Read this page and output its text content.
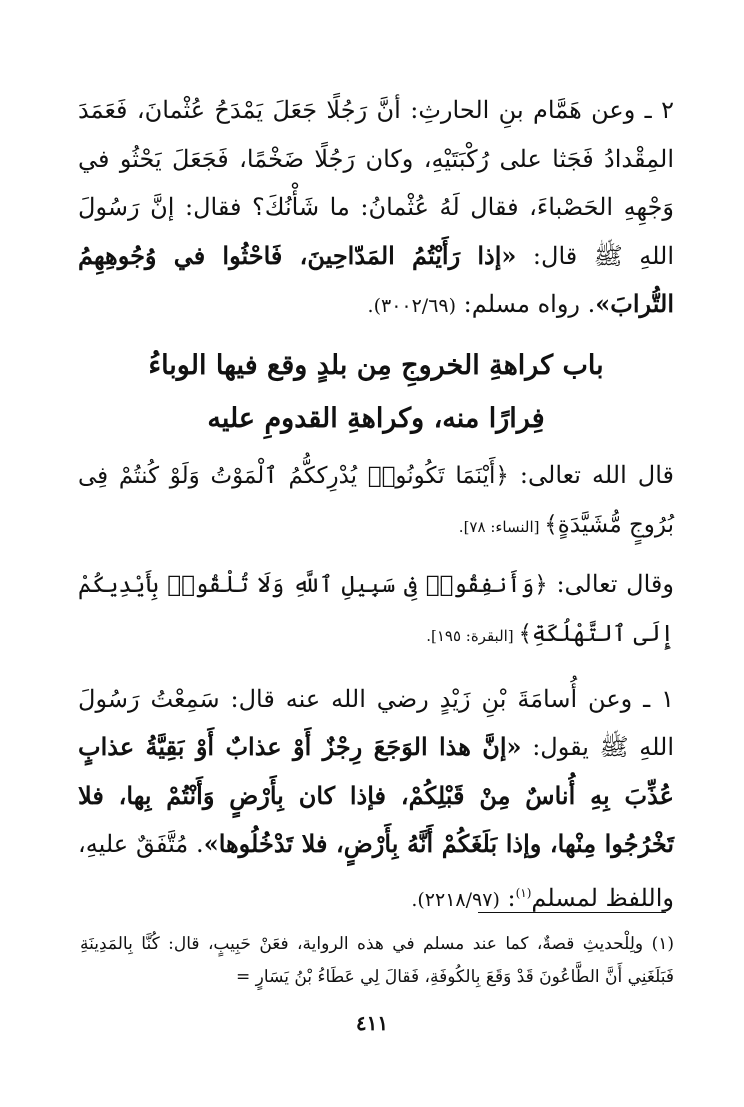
٢ ـ وعن هَمَّام بنِ الحارثِ: أنَّ رَجُلًا جَعَلَ يَمْدَحُ عُثْمانَ، فَعَمَدَ المِقْدادُ فَجَثا على رُكْبَتَيْهِ، وكان رَجُلًا ضَخْمًا، فَجَعَلَ يَحْثُو في وَجْهِهِ الحَصْباءَ، فقال لَهُ عُثْمانُ: ما شَأْنُكَ؟ فقال: إنَّ رَسُولَ اللهِ ﷺ قال: «إذا رَأَيْتُمُ المَدّاحِينَ، فَاحْثُوا في وُجُوهِهِمُ التُّرابَ». رواه مسلم: (٣٠٠٢/٦٩).

باب كراهةِ الخروجِ مِن بلدٍ وقع فيها الوباءُ
فِرارًا منه، وكراهةِ القدومِ عليه

قال الله تعالى: ﴿أَيْنَمَا تَكُونُوا۟ يُدْرِككُّمُ ٱلْمَوْتُ وَلَوْ كُنتُمْ فِى بُرُوجٍ مُّشَيَّدَةٍ﴾ [النساء: ٧٨].

وقال تعالى: ﴿وَأَنفِقُوا۟ فِى سَبِيلِ ٱللَّهِ وَلَا تُلْقُوا۟ بِأَيْدِيكُمْ إِلَى ٱلتَّهْلُكَةِ﴾ [البقرة: ١٩٥].

١ ـ وعن أُسامَةَ بْنِ زَيْدٍ رضي الله عنه قال: سَمِعْتُ رَسُولَ اللهِ ﷺ يقول: «إنَّ هذا الوَجَعَ رِجْزٌ أَوْ عذابٌ أَوْ بَقِيَّةُ عذابٍ عُذِّبَ بِهِ أُناسٌ مِنْ قَبْلِكُمْ، فإذا كان بِأَرْضٍ وَأَنْتُمْ بِها، فلا تَخْرُجُوا مِنْها، وإذا بَلَغَكُمْ أَنَّهُ بِأَرْضٍ، فلا تَدْخُلُوها». مُتَّفَقٌ عليهِ، واللفظ لمسلم$^{(١)}$: (٢٢١٨/٩٧).

(١) ولِلْحديثِ قصةٌ، كما عند مسلم في هذه الرواية، فعَنْ حَبِيبٍ، قال: كُنَّا بِالمَدِينَةِ فَبَلَغَنِي أَنَّ الطَّاعُونَ قَدْ وَقَعَ بِالكُوفَةِ، فَقالَ لِي عَطَاءُ بْنُ يَسَارٍ =
٤١١
